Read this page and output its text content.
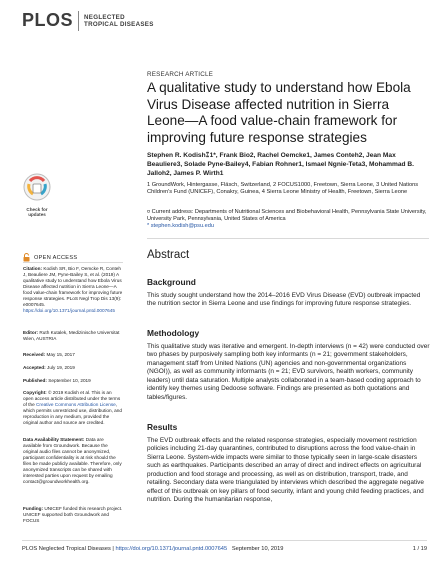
PLOS NEGLECTED
TROPICAL DISEASES
RESEARCH ARTICLE
A qualitative study to understand how Ebola Virus Disease affected nutrition in Sierra Leone—A food value-chain framework for improving future response strategies
Stephen R. Kodish⑄1*, Frank Bio2, Rachel Oemcke1, James Conteh2, Jean Max Beauliere3, Solade Pyne-Bailey4, Fabian Rohner1, Ismael Ngnie-Teta3, Mohammad B. Jalloh2, James P. Wirth1
1 GroundWork, Hintergasse, Fläsch, Switzerland, 2 FOCUS1000, Freetown, Sierra Leone, 3 United Nations Children's Fund (UNICEF), Conakry, Guinea, 4 Sierra Leone Ministry of Health, Freetown, Sierra Leone
¤ Current address: Departments of Nutritional Sciences and Biobehavioral Health, Pennsylvania State University, University Park, Pennsylvania, United States of America
* stephen.kodish@psu.edu
Abstract
Background
This study sought understand how the 2014–2016 EVD Virus Disease (EVD) outbreak impacted the nutrition sector in Sierra Leone and use findings for improving future response strategies.
Methodology
This qualitative study was iterative and emergent. In-depth interviews (n = 42) were conducted over two phases by purposively sampling both key informants (n = 21; government stakeholders, management staff from United Nations (UN) agencies and non-governmental organizations (NGOI)), as well as community informants (n = 21; EVD survivors, health workers, community leaders) until data saturation. Multiple analysts collaborated in a team-based coding approach to identify key themes using Dedoose software. Findings are presented as both quotations and tables/figures.
Results
The EVD outbreak effects and the related response strategies, especially movement restriction policies including 21-day quarantines, contributed to disruptions across the food value-chain in Sierra Leone. System-wide impacts were similar to those typically seen in large-scale disasters such as earthquakes. Participants described an array of direct and indirect effects on agricultural production and food storage and processing, as well as on distribution, transport, trade, and retailing. Secondary data were triangulated by interviews which described the aggregate negative effect of this outbreak on key pillars of food security, infant and young child feeding practices, and nutrition. During the humanitarian response,
Check for
updates
OPEN ACCESS
Citation: Kodish SR, Bio F, Oemcke R, Conteh J, Beauliere JM, Pyne-Bailey S, et al. (2019) A qualitative study to understand how Ebola Virus Disease affected nutrition in Sierra Leone—A food value-chain framework for improving future response strategies. PLoS Negl Trop Dis 13(9): e0007645. https://doi.org/10.1371/journal.pntd.0007645
Editor: Ruth Kutalek, Medizinische Universitat Wien, AUSTRIA
Received: May 15, 2017
Accepted: July 19, 2019
Published: September 10, 2019
Copyright: © 2019 Kodish et al. This is an open access article distributed under the terms of the Creative Commons Attribution License, which permits unrestricted use, distribution, and reproduction in any medium, provided the original author and source are credited.
Data Availability Statement: Data are available from Groundwork. Because the original audio files cannot be anonymized, participant confidentiality is at risk should the files be made publicly available. Therefore, only anonymized transcripts can be shared with interested parties upon request by emailing contact@groundworkhealth.org.
Funding: UNICEF funded this research project. UNICEF supported both Groundwork and FOCUS
PLOS Neglected Tropical Diseases | https://doi.org/10.1371/journal.pntd.0007645 September 10, 2019	1 / 19
